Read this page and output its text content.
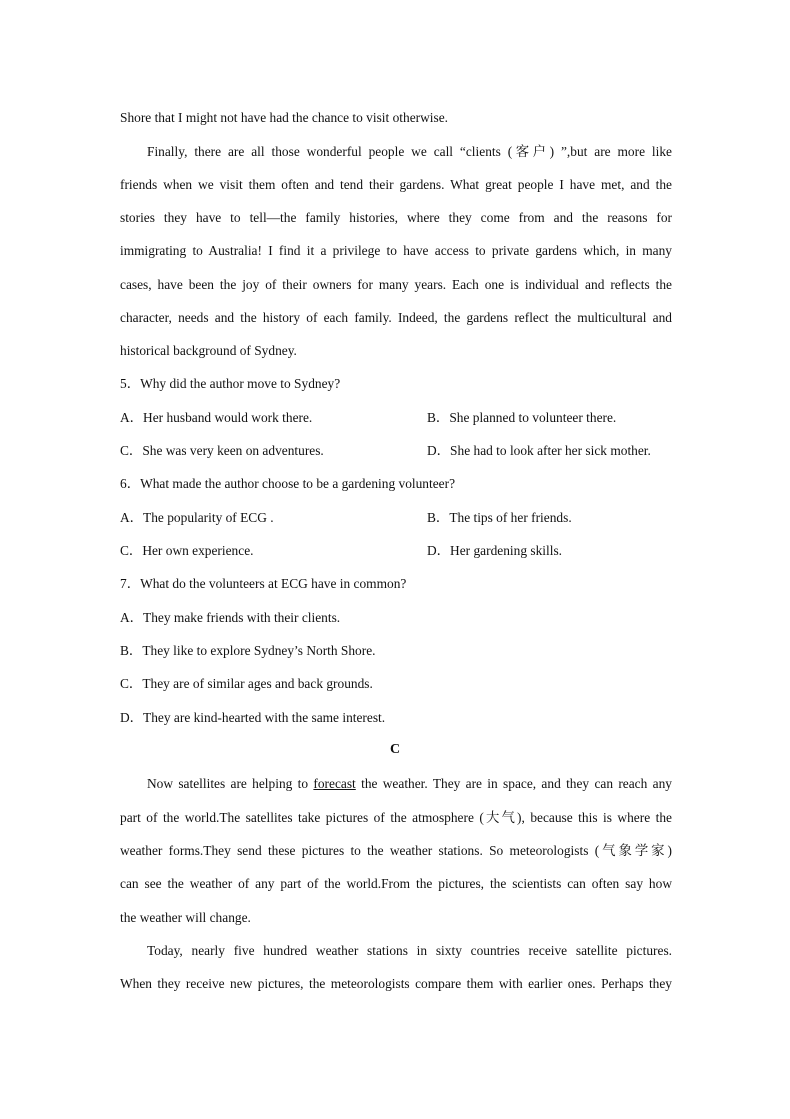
Shore that I might not have had the chance to visit otherwise.

Finally, there are all those wonderful people we call “clients (客户) ”,but are more like

friends when we visit them often and tend their gardens. What great people I have met, and the

stories they have to tell—the family histories, where they come from and the reasons for

immigrating to Australia! I find it a privilege to have access to private gardens which, in many

cases, have been the joy of their owners for many years. Each one is individual and reflects the

character, needs and the history of each family. Indeed, the gardens reflect the multicultural and

historical background of Sydney.

5．Why did the author move to Sydney?

A．Her husband would work there.	B．She planned to volunteer there.

C．She was very keen on adventures.	D．She had to look after her sick mother.

6．What made the author choose to be a gardening volunteer?

A．The popularity of ECG .	B．The tips of her friends.

C．Her own experience.	D．Her gardening skills.

7．What do the volunteers at ECG have in common?

A．They make friends with their clients.

B．They like to explore Sydney’s North Shore.

C．They are of similar ages and back grounds.

D．They are kind-hearted with the same interest.

C

Now satellites are helping to forecast the weather. They are in space, and they can reach any

part of the world.The satellites take pictures of the atmosphere (大气), because this is where the

weather forms.They send these pictures to the weather stations. So meteorologists (气象学家)

can see the weather of any part of the world.From the pictures, the scientists can often say how

the weather will change.

Today, nearly five hundred weather stations in sixty countries receive satellite pictures.

When they receive new pictures, the meteorologists compare them with earlier ones. Perhaps they
